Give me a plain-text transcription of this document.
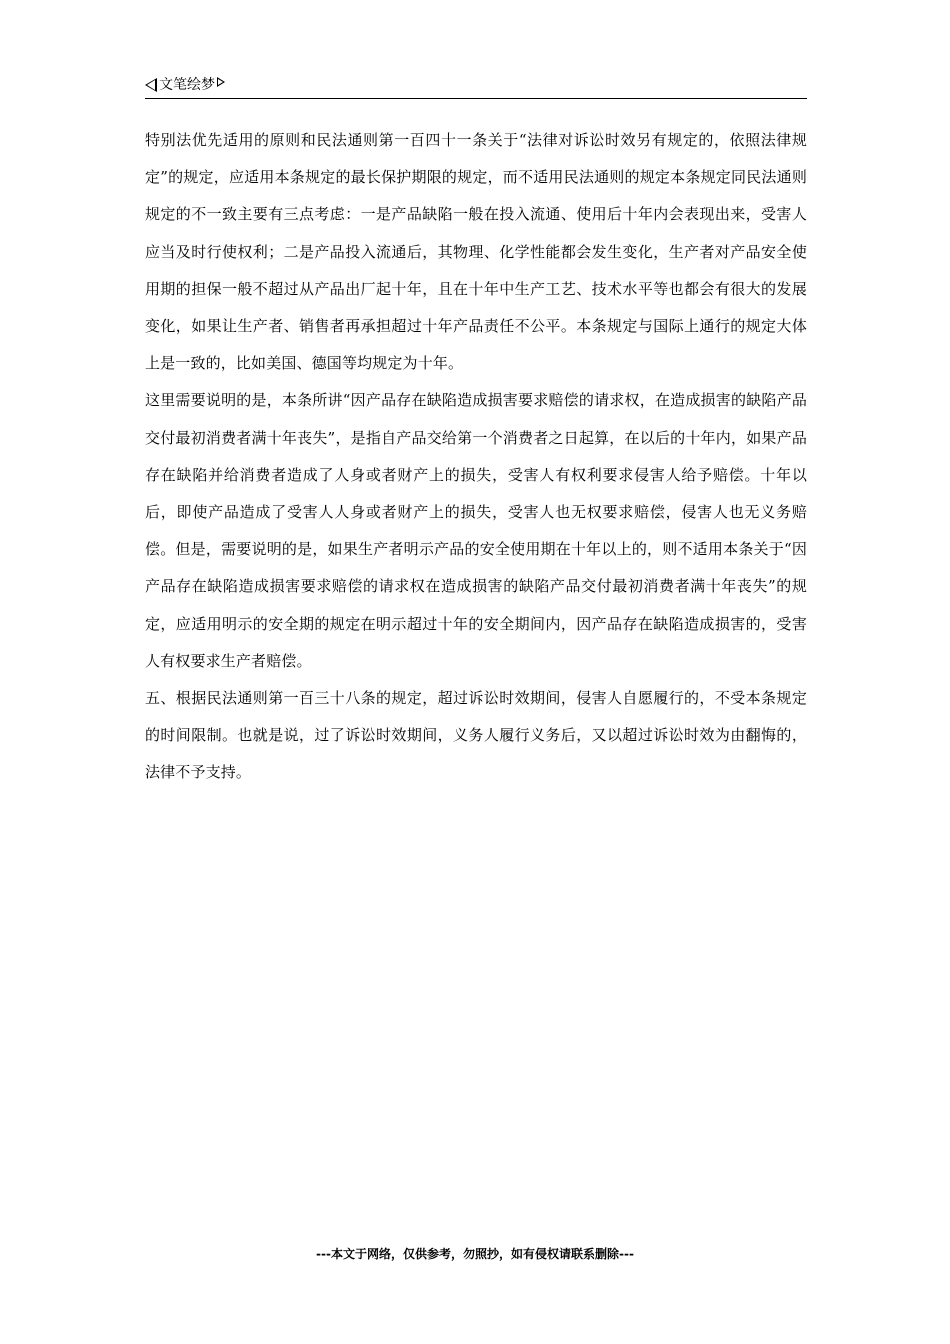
文笔绘梦

特别法优先适用的原则和民法通则第一百四十一条关于“法律对诉讼时效另有规定的，依照法律规定”的规定，应适用本条规定的最长保护期限的规定，而不适用民法通则的规定本条规定同民法通则规定的不一致主要有三点考虑：一是产品缺陷一般在投入流通、使用后十年内会表现出来，受害人应当及时行使权利；二是产品投入流通后，其物理、化学性能都会发生变化，生产者对产品安全使用期的担保一般不超过从产品出厂起十年，且在十年中生产工艺、技术水平等也都会有很大的发展变化，如果让生产者、销售者再承担超过十年产品责任不公平。本条规定与国际上通行的规定大体上是一致的，比如美国、德国等均规定为十年。

这里需要说明的是，本条所讲“因产品存在缺陷造成损害要求赔偿的请求权，在造成损害的缺陷产品交付最初消费者满十年丧失”，是指自产品交给第一个消费者之日起算，在以后的十年内，如果产品存在缺陷并给消费者造成了人身或者财产上的损失，受害人有权利要求侵害人给予赔偿。十年以后，即使产品造成了受害人人身或者财产上的损失，受害人也无权要求赔偿，侵害人也无义务赔偿。但是，需要说明的是，如果生产者明示产品的安全使用期在十年以上的，则不适用本条关于“因产品存在缺陷造成损害要求赔偿的请求权在造成损害的缺陷产品交付最初消费者满十年丧失”的规定，应适用明示的安全期的规定在明示超过十年的安全期间内，因产品存在缺陷造成损害的，受害人有权要求生产者赔偿。

五、根据民法通则第一百三十八条的规定，超过诉讼时效期间，侵害人自愿履行的，不受本条规定的时间限制。也就是说，过了诉讼时效期间，义务人履行义务后，又以超过诉讼时效为由翻悔的，法律不予支持。

---本文于网络，仅供参考，勿照抄，如有侵权请联系删除---
